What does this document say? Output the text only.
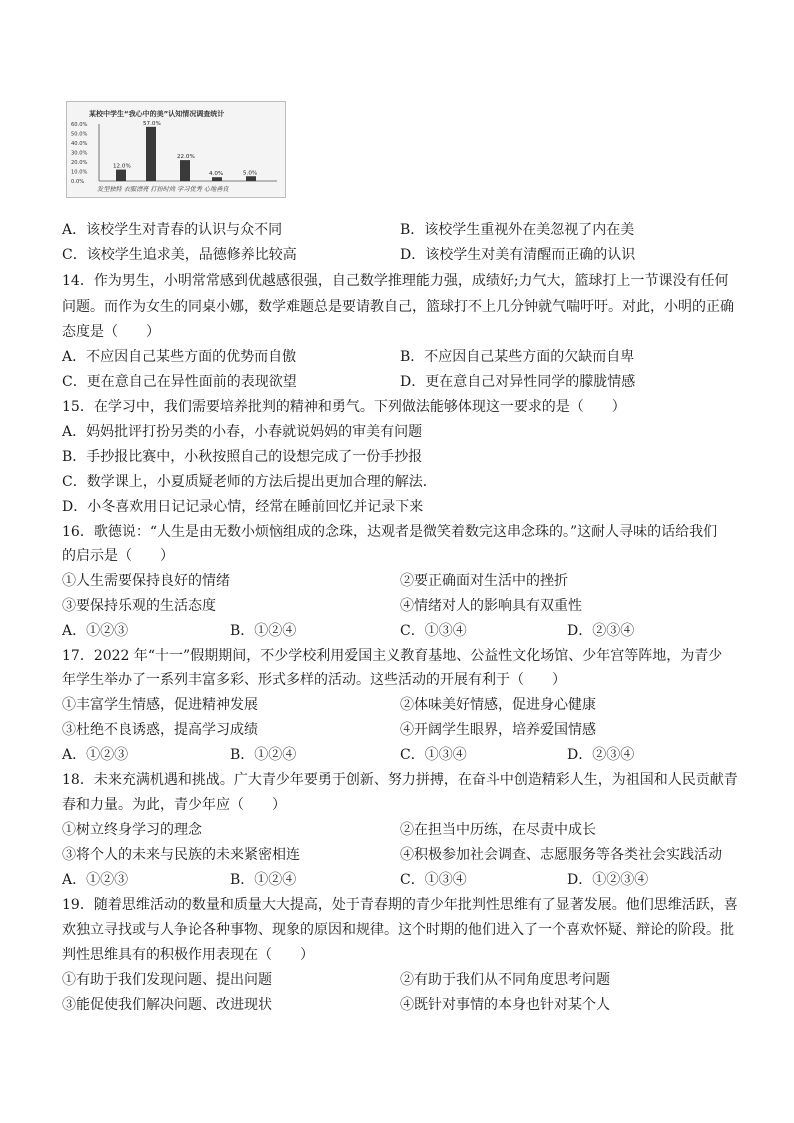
某校中学生“我心中的美”认知情况调查统计
60.0%
50.0%
40.0%
30.0%
20.0%
10.0%
0.0%
12.0%
57.0%
22.0%
4.0%	5.0%
发型独特 衣服漂亮 打扮时尚 学习优秀 心地善良
A．该校学生对青春的认识与众不同	B．该校学生重视外在美忽视了内在美
C．该校学生追求美，品德修养比较高	D．该校学生对美有清醒而正确的认识
14．作为男生，小明常常感到优越感很强，自己数学推理能力强，成绩好;力气大，篮球打上一节课没有任何
问题。而作为女生的同桌小娜，数学难题总是要请教自己，篮球打不上几分钟就气喘吁吁。对此，小明的正确
态度是（　　）
A．不应因自己某些方面的优势而自傲	B．不应因自己某些方面的欠缺而自卑
C．更在意自己在异性面前的表现欲望	D．更在意自己对异性同学的朦胧情感
15．在学习中，我们需要培养批判的精神和勇气。下列做法能够体现这一要求的是（　　）
A．妈妈批评打扮另类的小春，小春就说妈妈的审美有问题
B．手抄报比赛中，小秋按照自己的设想完成了一份手抄报
C．数学课上，小夏质疑老师的方法后提出更加合理的解法．
D．小冬喜欢用日记记录心情，经常在睡前回忆并记录下来
16．歌德说：“人生是由无数小烦恼组成的念珠，达观者是微笑着数完这串念珠的。”这耐人寻味的话给我们
的启示是（　　）
①人生需要保持良好的情绪	②要正确面对生活中的挫折
③要保持乐观的生活态度	④情绪对人的影响具有双重性
A．①②③	B．①②④	C．①③④	D．②③④
17．2022 年“十一”假期期间，不少学校利用爱国主义教育基地、公益性文化场馆、少年宫等阵地，为青少
年学生举办了一系列丰富多彩、形式多样的活动。这些活动的开展有利于（　　）
①丰富学生情感，促进精神发展	②体味美好情感，促进身心健康
③杜绝不良诱惑，提高学习成绩	④开阔学生眼界，培养爱国情感
A．①②③	B．①②④	C．①③④	D．②③④
18．未来充满机遇和挑战。广大青少年要勇于创新、努力拼搏，在奋斗中创造精彩人生，为祖国和人民贡献青
春和力量。为此，青少年应（　　）
①树立终身学习的理念	②在担当中历练，在尽责中成长
③将个人的未来与民族的未来紧密相连	④积极参加社会调查、志愿服务等各类社会实践活动
A．①②③	B．①②④	C．①③④	D．①②③④
19．随着思维活动的数量和质量大大提高，处于青春期的青少年批判性思维有了显著发展。他们思维活跃，喜
欢独立寻找或与人争论各种事物、现象的原因和规律。这个时期的他们进入了一个喜欢怀疑、辩论的阶段。批
判性思维具有的积极作用表现在（　　）
①有助于我们发现问题、提出问题	②有助于我们从不同角度思考问题
③能促使我们解决问题、改进现状	④既针对事情的本身也针对某个人
